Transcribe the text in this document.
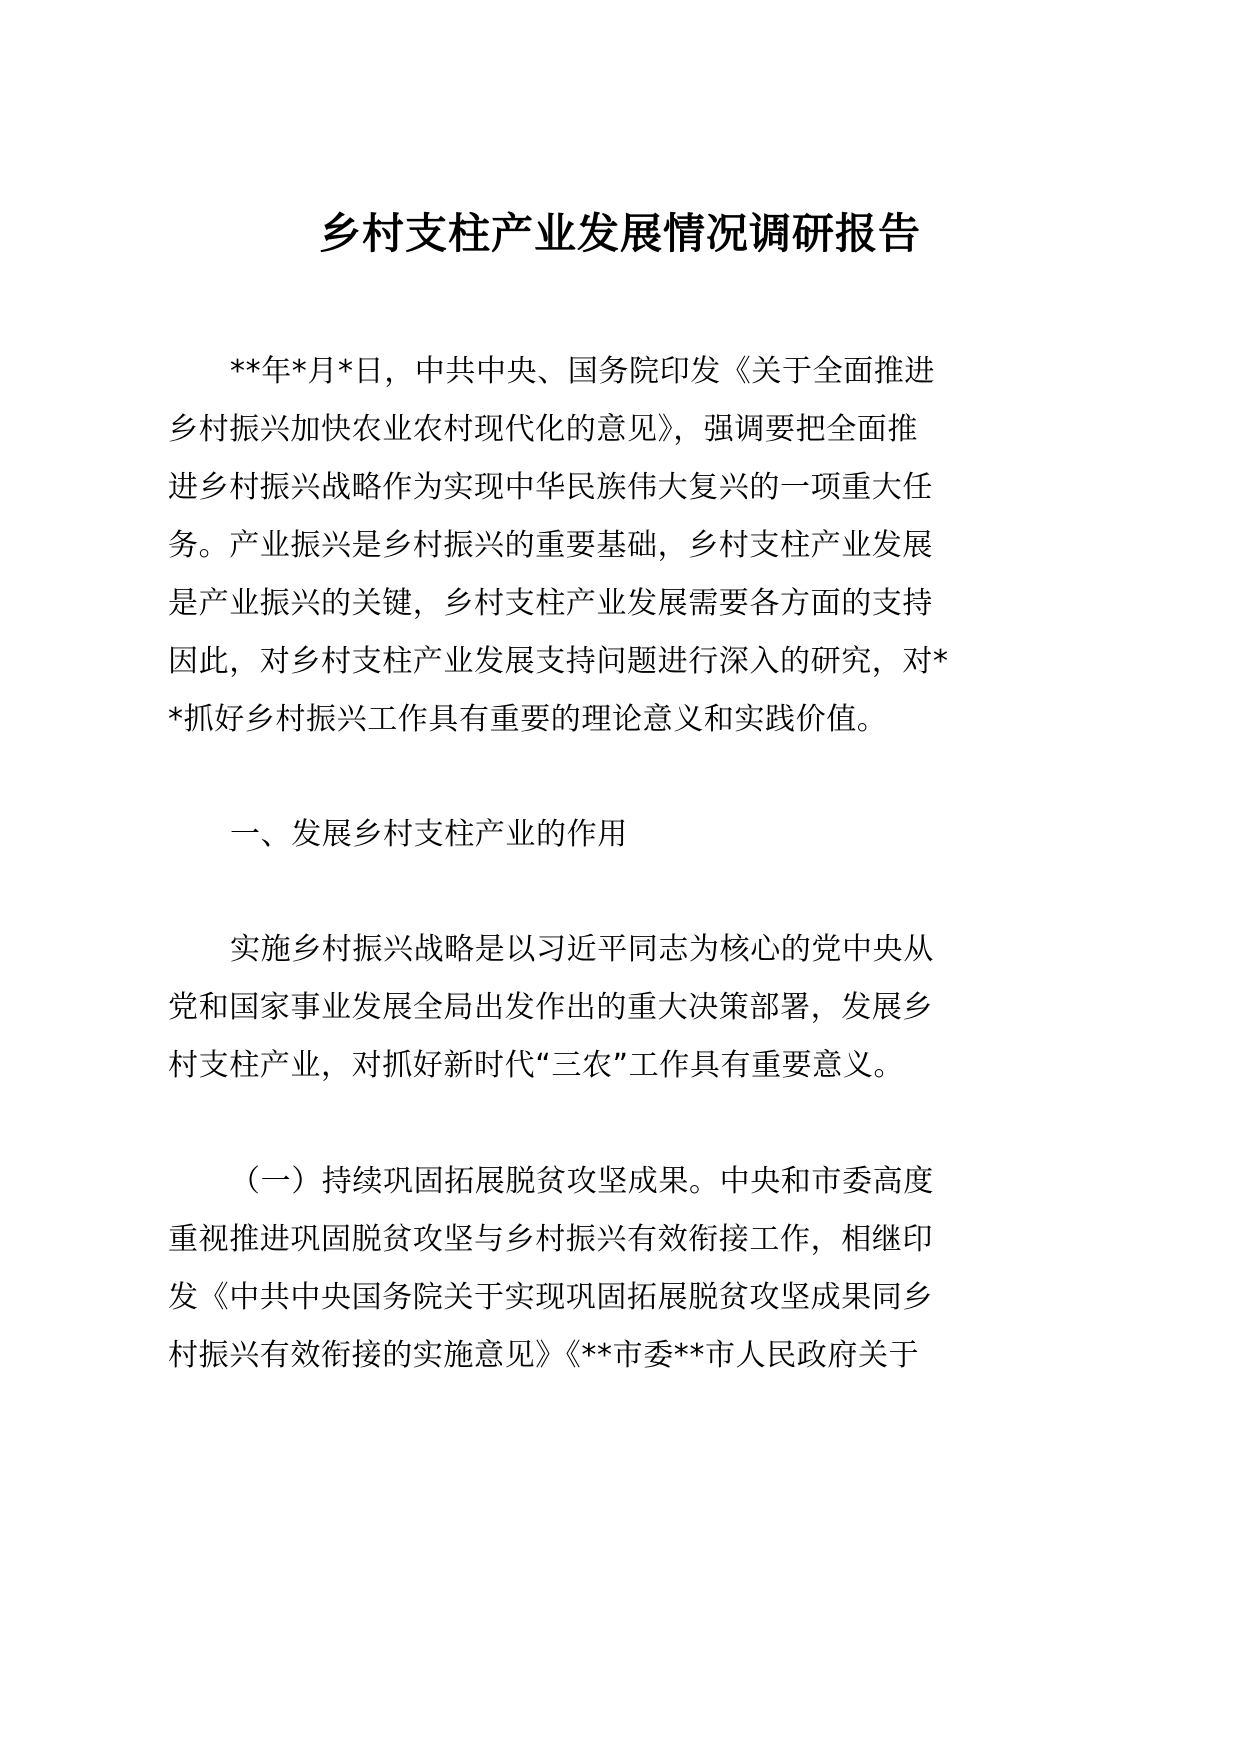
乡村支柱产业发展情况调研报告
**年*月*日，中共中央、国务院印发《关于全面推进
乡村振兴加快农业农村现代化的意见》，强调要把全面推
进乡村振兴战略作为实现中华民族伟大复兴的一项重大任
务。产业振兴是乡村振兴的重要基础，乡村支柱产业发展
是产业振兴的关键，乡村支柱产业发展需要各方面的支持
因此，对乡村支柱产业发展支持问题进行深入的研究，对*
*抓好乡村振兴工作具有重要的理论意义和实践价值。
一、发展乡村支柱产业的作用
实施乡村振兴战略是以习近平同志为核心的党中央从
党和国家事业发展全局出发作出的重大决策部署，发展乡
村支柱产业，对抓好新时代“三农”工作具有重要意义。
（一）持续巩固拓展脱贫攻坚成果。中央和市委高度
重视推进巩固脱贫攻坚与乡村振兴有效衔接工作，相继印
发《中共中央国务院关于实现巩固拓展脱贫攻坚成果同乡
村振兴有效衔接的实施意见》《**市委**市人民政府关于
